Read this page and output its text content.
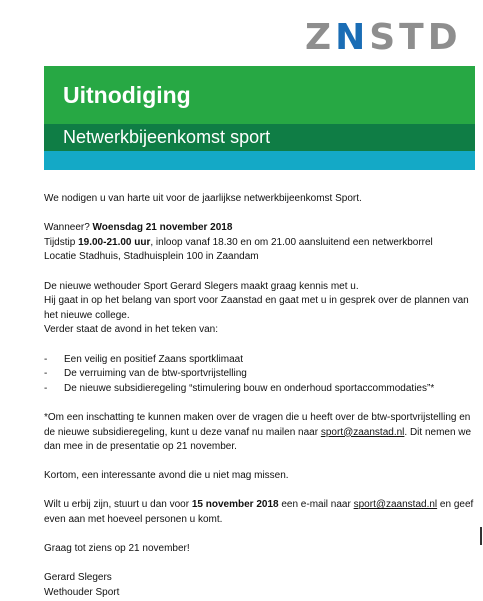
Z N STD
Uitnodiging
Netwerkbijeenkomst sport

We nodigen u van harte uit voor de jaarlijkse netwerkbijeenkomst Sport.

Wanneer? Woensdag 21 november 2018

Tijdstip 19.00-21.00 uur, inloop vanaf 18.30 en om 21.00 aansluitend een netwerkborrel

Locatie Stadhuis, Stadhuisplein 100 in Zaandam

De nieuwe wethouder Sport Gerard Slegers maakt graag kennis met u.

Hij gaat in op het belang van sport voor Zaanstad en gaat met u in gesprek over de plannen van het nieuwe college.

Verder staat de avond in het teken van:

- Een veilig en positief Zaans sportklimaat
- De verruiming van de btw-sportvrijstelling
- De nieuwe subsidieregeling “stimulering bouw en onderhoud sportaccommodaties”*

*Om een inschatting te kunnen maken over de vragen die u heeft over de btw-sportvrijstelling en de nieuwe subsidieregeling, kunt u deze vanaf nu mailen naar sport@zaanstad.nl. Dit nemen we dan mee in de presentatie op 21 november.

Kortom, een interessante avond die u niet mag missen.

Wilt u erbij zijn, stuurt u dan voor 15 november 2018 een e-mail naar sport@zaanstad.nl en geef even aan met hoeveel personen u komt.

Graag tot ziens op 21 november!

Gerard Slegers

Wethouder Sport
